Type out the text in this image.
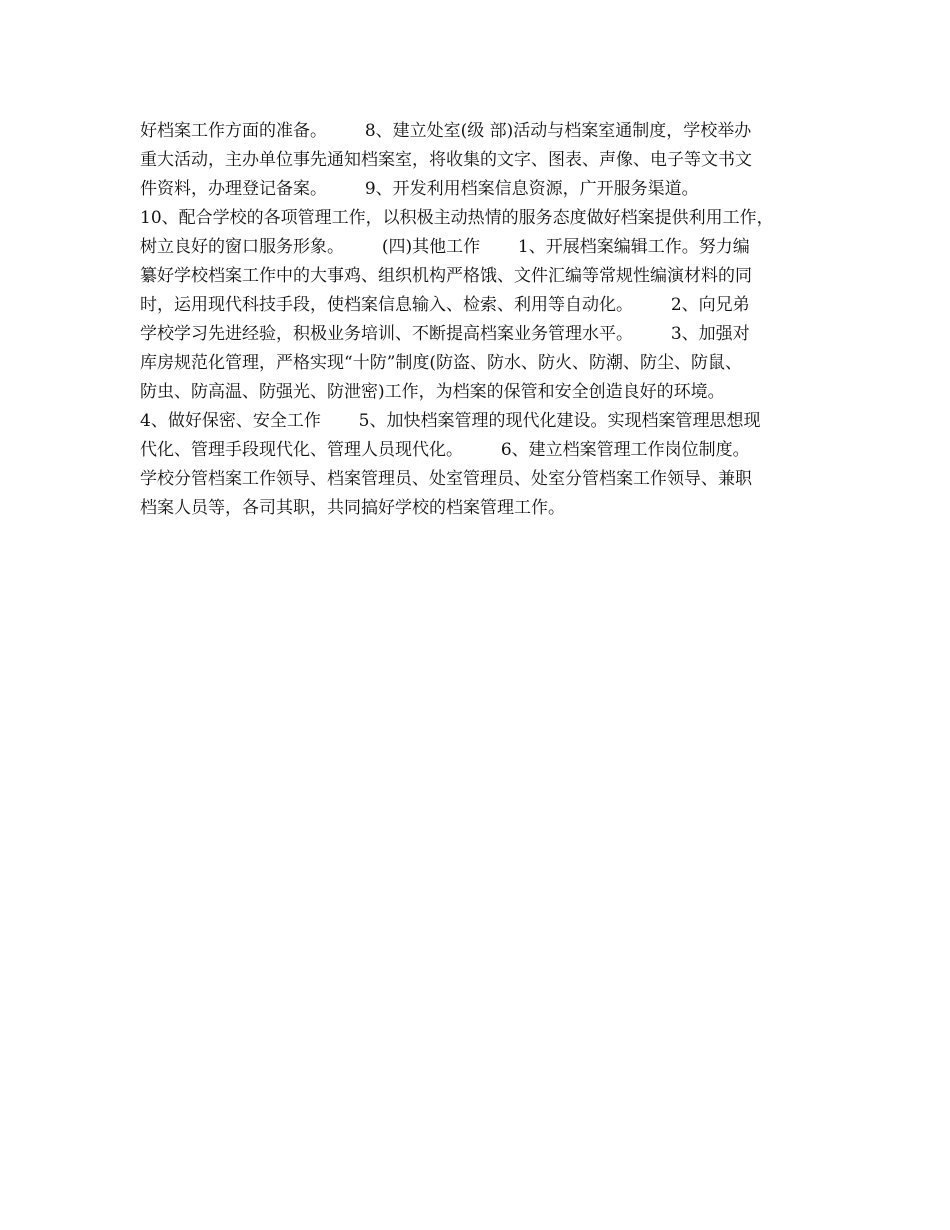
好档案工作方面的准备。       8、建立处室(级 部)活动与档案室通制度，学校举办
重大活动，主办单位事先通知档案室，将收集的文字、图表、声像、电子等文书文
件资料，办理登记备案。       9、开发利用档案信息资源，广开服务渠道。
10、配合学校的各项管理工作，以积极主动热情的服务态度做好档案提供利用工作，
树立良好的窗口服务形象。       (四)其他工作       1、开展档案编辑工作。努力编
纂好学校档案工作中的大事鸡、组织机构严格饿、文件汇编等常规性编演材料的同
时，运用现代科技手段，使档案信息输入、检索、利用等自动化。       2、向兄弟
学校学习先进经验，积极业务培训、不断提高档案业务管理水平。       3、加强对
库房规范化管理，严格实现“十防”制度(防盗、防水、防火、防潮、防尘、防鼠、
防虫、防高温、防强光、防泄密)工作，为档案的保管和安全创造良好的环境。
4、做好保密、安全工作       5、加快档案管理的现代化建设。实现档案管理思想现
代化、管理手段现代化、管理人员现代化。       6、建立档案管理工作岗位制度。
学校分管档案工作领导、档案管理员、处室管理员、处室分管档案工作领导、兼职
档案人员等，各司其职，共同搞好学校的档案管理工作。
